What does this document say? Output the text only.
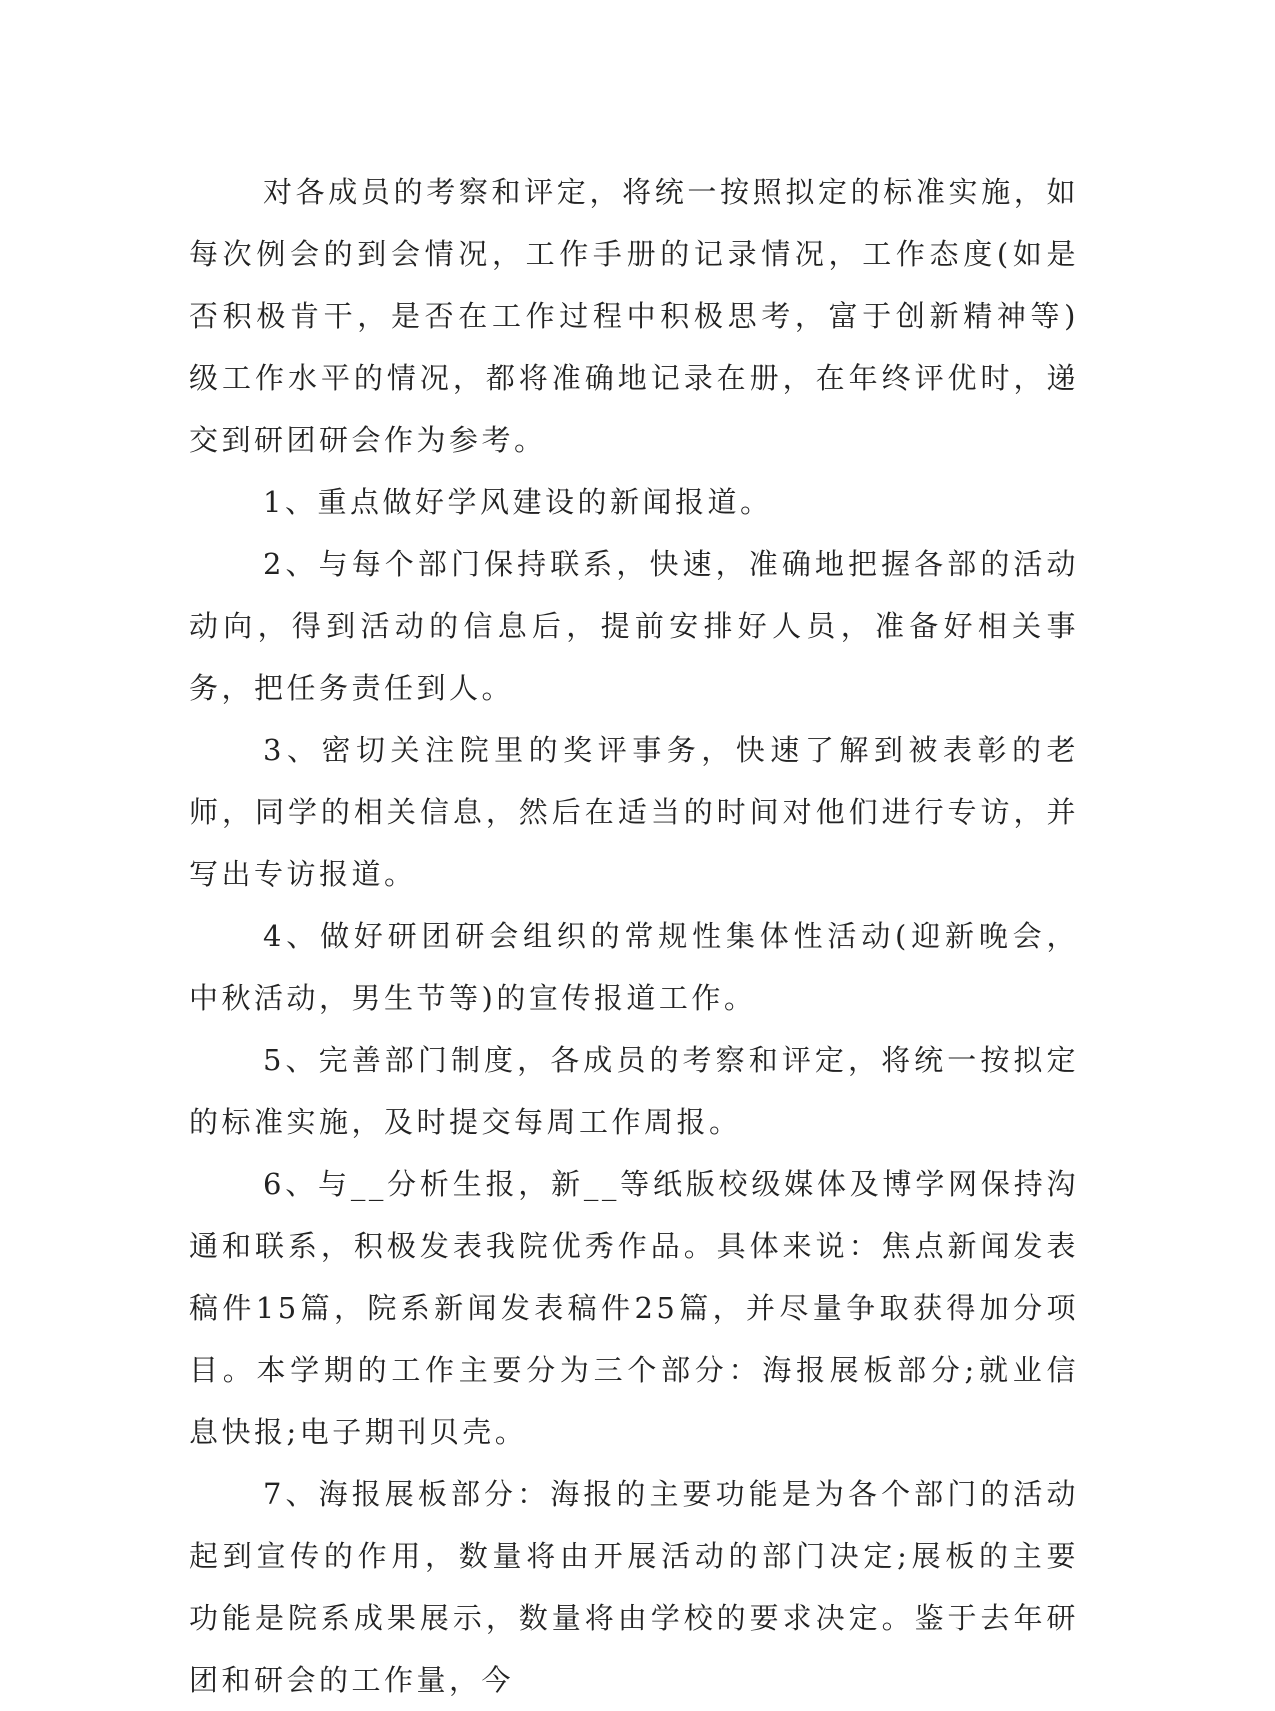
对各成员的考察和评定，将统一按照拟定的标准实施，如每次例会的到会情况，工作手册的记录情况，工作态度(如是否积极肯干，是否在工作过程中积极思考，富于创新精神等)级工作水平的情况，都将准确地记录在册，在年终评优时，递交到研团研会作为参考。

1、重点做好学风建设的新闻报道。

2、与每个部门保持联系，快速，准确地把握各部的活动动向，得到活动的信息后，提前安排好人员，准备好相关事务，把任务责任到人。

3、密切关注院里的奖评事务，快速了解到被表彰的老师，同学的相关信息，然后在适当的时间对他们进行专访，并写出专访报道。

4、做好研团研会组织的常规性集体性活动(迎新晚会，中秋活动，男生节等)的宣传报道工作。

5、完善部门制度，各成员的考察和评定，将统一按拟定的标准实施，及时提交每周工作周报。

6、与__分析生报，新__等纸版校级媒体及博学网保持沟通和联系，积极发表我院优秀作品。具体来说：焦点新闻发表稿件15篇，院系新闻发表稿件25篇，并尽量争取获得加分项目。本学期的工作主要分为三个部分：海报展板部分;就业信息快报;电子期刊贝壳。

7、海报展板部分：海报的主要功能是为各个部门的活动起到宣传的作用，数量将由开展活动的部门决定;展板的主要功能是院系成果展示，数量将由学校的要求决定。鉴于去年研团和研会的工作量，今
